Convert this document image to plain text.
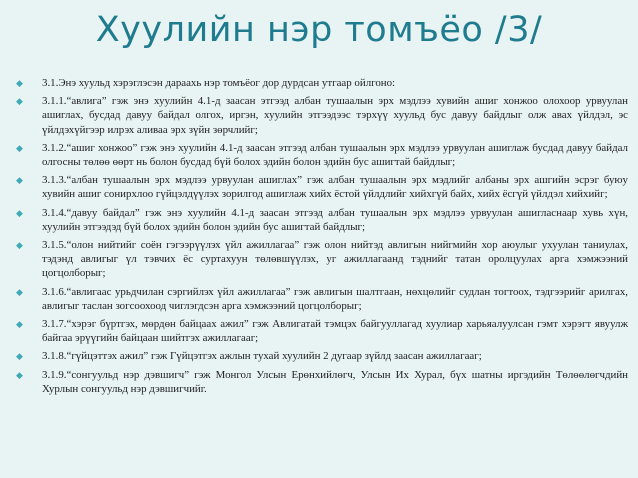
Хуулийн нэр томъёо /3/
◆ 3.1.Энэ хуульд хэрэглэсэн дараахь нэр томъёог дор дурдсан утгаар ойлгоно:
◆ 3.1.1.“авлига” гэж энэ хуулийн 4.1-д заасан этгээд албан тушаалын эрх мэдлээ хувийн ашиг хонжоо олохоор урвуулан ашиглах, бусдад давуу байдал олгох, иргэн, хуулийн этгээдээс тэрхүү хуульд бус давуу байдлыг олж авах үйлдэл, эс үйлдэхүйгээр илрэх аливаа эрх зүйн зөрчлийг;
◆ 3.1.2.“ашиг хонжоо” гэж энэ хуулийн 4.1-д заасан этгээд албан тушаалын эрх мэдлээ урвуулан ашиглаж бусдад давуу байдал олгосны төлөө өөрт нь болон бусдад бүй болох эдийн болон эдийн бус ашигтай байдлыг;
◆ 3.1.3.“албан тушаалын эрх мэдлээ урвуулан ашиглах” гэж албан тушаалын эрх мэдлийг албаны эрх ашгийн эсрэг буюу хувийн ашиг сонирхлоо гүйцэлдүүлэх зорилгод ашиглаж хийх ёстой үйлдлийг хийхгүй байх, хийх ёсгүй үйлдэл хийхийг;
◆ 3.1.4.“давуу байдал” гэж энэ хуулийн 4.1-д заасан этгээд албан тушаалын эрх мэдлээ урвуулан ашигласнаар хувь хүн, хуулийн этгээдэд бүй болох эдийн болон эдийн бус ашигтай байдлыг;
◆ 3.1.5.“олон нийтийг соён гэгээрүүлэх үйл ажиллагаа” гэж олон нийтэд авлигын нийгмийн хор аюулыг ухуулан таниулах, тэдэнд авлигыг үл тэвчих ёс суртахуун төлөвшүүлэх, уг ажиллагаанд тэднийг татан оролцуулах арга хэмжээний цогцолборыг;
◆ 3.1.6.“авлигаас урьдчилан сэргийлэх үйл ажиллагаа” гэж авлигын шалтгаан, нөхцөлийг судлан тогтоох, тэдгээрийг арилгах, авлигыг таслан зогсоохоод чиглэгдсэн арга хэмжээний цогцолборыг;
◆ 3.1.7.“хэрэг бүртгэх, мөрдөн байцаах ажил” гэж Авлигатай тэмцэх байгууллагад хуулиар харьяалуулсан гэмт хэрэгт явуулж байгаа эрүүгийн байцаан шийтгэх ажиллагааг;
◆ 3.1.8.“гүйцэттэх ажил” гэж Гүйцэтгэх ажлын тухай хуулийн 2 дугаар зүйлд заасан ажиллагааг;
◆ 3.1.9.“сонгуульд нэр дэвшигч” гэж Монгол Улсын Ерөнхийлөгч, Улсын Их Хурал, бүх шатны иргэдийн Төлөөлөгчдийн Хурлын сонгуульд нэр дэвшигчийг.
